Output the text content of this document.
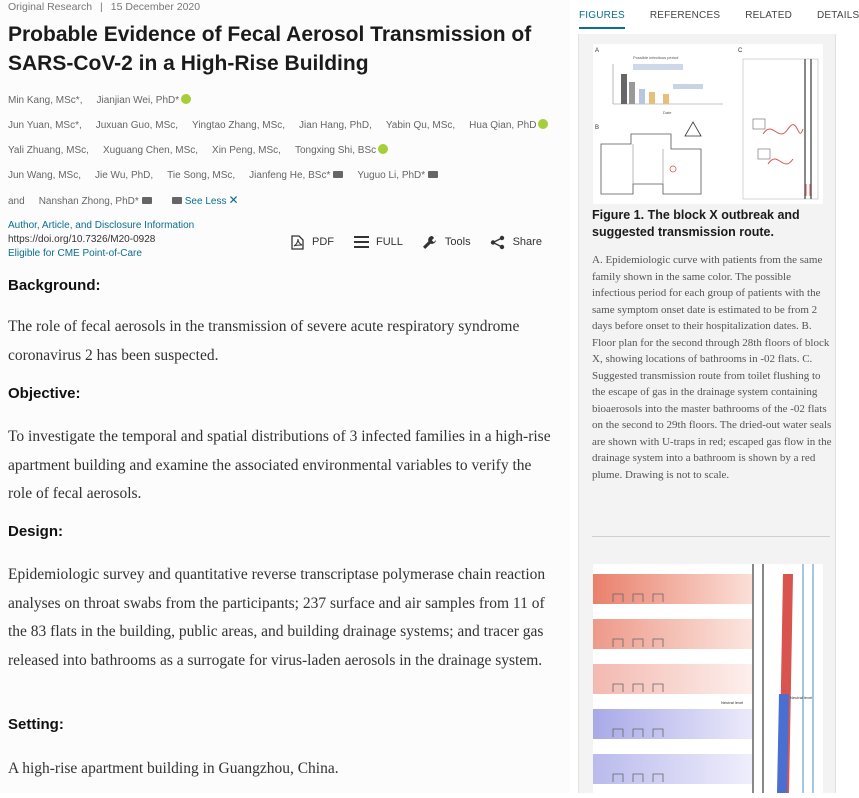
Original Research | 15 December 2020
Probable Evidence of Fecal Aerosol Transmission of SARS-CoV-2 in a High-Rise Building
Min Kang, MSc*, Jianjian Wei, PhD*Jun Yuan, MSc*, Juxuan Guo, MSc, Yingtao Zhang, MSc, Jian Hang, PhD, Yabin Qu, MSc, Hua Qian, PhDYali Zhuang, MSc, Xuguang Chen, MSc, Xin Peng, MSc, Tongxing Shi, BScJun Wang, MSc, Jie Wu, PhD, Tie Song, MSc, Jianfeng He, BSc*	Yuguo Li, PhD*and Nanshan Zhong, PhD*	See Less ✕
Author, Article, and Disclosure Information
https://doi.org/10.7326/M20-0928
Eligible for CME Point-of-Care
PDF	FULL	Tools	Share
Background:

The role of fecal aerosols in the transmission of severe acute respiratory syndrome coronavirus 2 has been suspected.

Objective:

To investigate the temporal and spatial distributions of 3 infected families in a high-rise apartment building and examine the associated environmental variables to verify the role of fecal aerosols.

Design:

Epidemiologic survey and quantitative reverse transcriptase polymerase chain reaction analyses on throat swabs from the participants; 237 surface and air samples from 11 of the 83 flats in the building, public areas, and building drainage systems; and tracer gas released into bathrooms as a surrogate for virus-laden aerosols in the drainage system.

Setting:

A high-rise apartment building in Guangzhou, China.

FIGURES	REFERENCES	RELATED	DETAILS
A
Possible infectious period
Date
B
C
Figure 1. The block X outbreak and suggested transmission route.
A. Epidemiologic curve with patients from the same family shown in the same color. The possible infectious period for each group of patients with the same symptom onset date is estimated to be from 2 days before onset to their hospitalization dates. B. Floor plan for the second through 28th floors of block X, showing locations of bathrooms in -02 flats. C. Suggested transmission route from toilet flushing to the escape of gas in the drainage system containing bioaerosols into the master bathrooms of the -02 flats on the second to 29th floors. The dried-out water seals are shown with U-traps in red; escaped gas flow in the drainage system into a bathroom is shown by a red plume. Drawing is not to scale.
Neutral level
Neutral level
